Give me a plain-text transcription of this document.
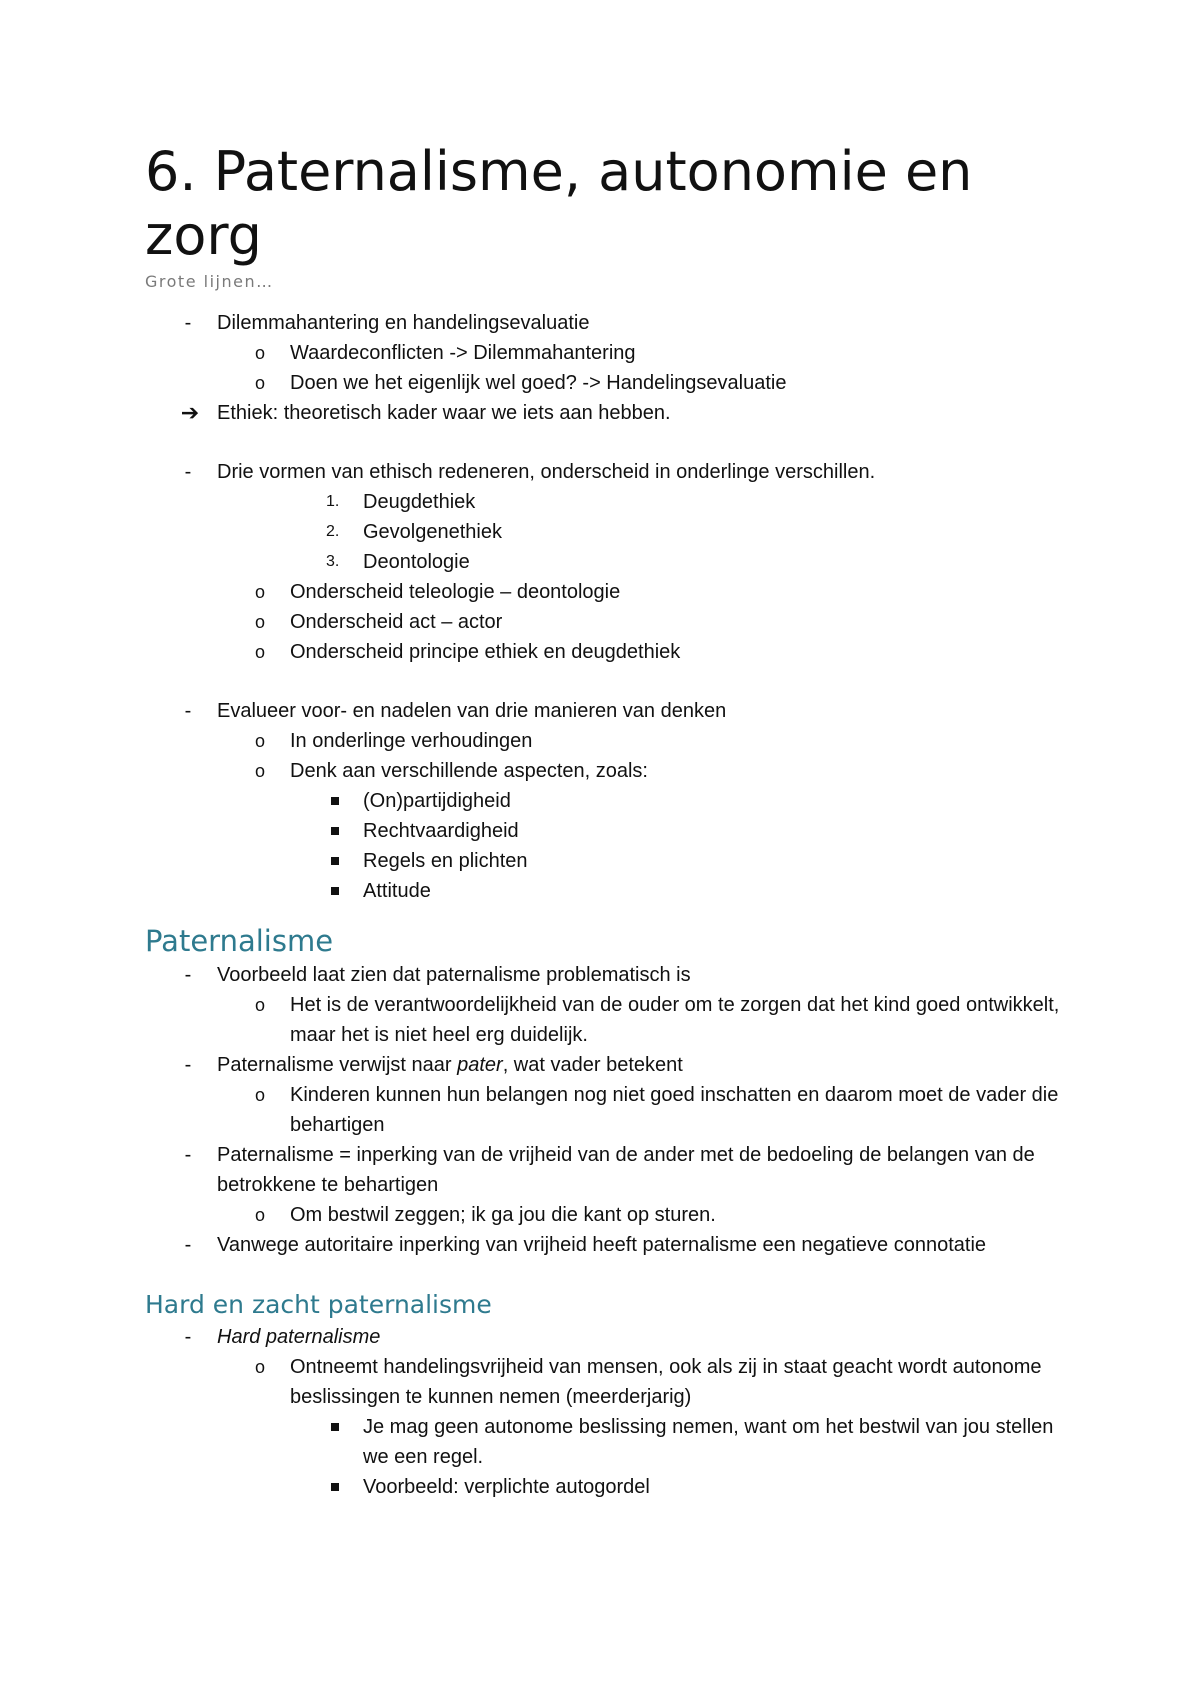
6. Paternalisme, autonomie en zorg
Grote lijnen…
- Dilemmahantering en handelingsevaluatie
o Waardeconflicten -> Dilemmahantering
o Doen we het eigenlijk wel goed? -> Handelingsevaluatie
➔ Ethiek: theoretisch kader waar we iets aan hebben.
- Drie vormen van ethisch redeneren, onderscheid in onderlinge verschillen.
1.	Deugdethiek
2.	Gevolgenethiek
3.	Deontologie
o Onderscheid teleologie – deontologie
o Onderscheid act – actor
o Onderscheid principe ethiek en deugdethiek
- Evalueer voor- en nadelen van drie manieren van denken
o In onderlinge verhoudingen
o Denk aan verschillende aspecten, zoals:
(On)partijdigheid
Rechtvaardigheid
Regels en plichten
Attitude
Paternalisme
- Voorbeeld laat zien dat paternalisme problematisch is
o Het is de verantwoordelijkheid van de ouder om te zorgen dat het kind goed ontwikkelt, maar het is niet heel erg duidelijk.
- Paternalisme verwijst naar pater, wat vader betekent
o Kinderen kunnen hun belangen nog niet goed inschatten en daarom moet de vader die behartigen
- Paternalisme = inperking van de vrijheid van de ander met de bedoeling de belangen van de betrokkene te behartigen
o Om bestwil zeggen; ik ga jou die kant op sturen.
- Vanwege autoritaire inperking van vrijheid heeft paternalisme een negatieve connotatie
Hard en zacht paternalisme
- Hard paternalisme
o Ontneemt handelingsvrijheid van mensen, ook als zij in staat geacht wordt autonome beslissingen te kunnen nemen (meerderjarig)
Je mag geen autonome beslissing nemen, want om het bestwil van jou stellen we een regel.
Voorbeeld: verplichte autogordel
